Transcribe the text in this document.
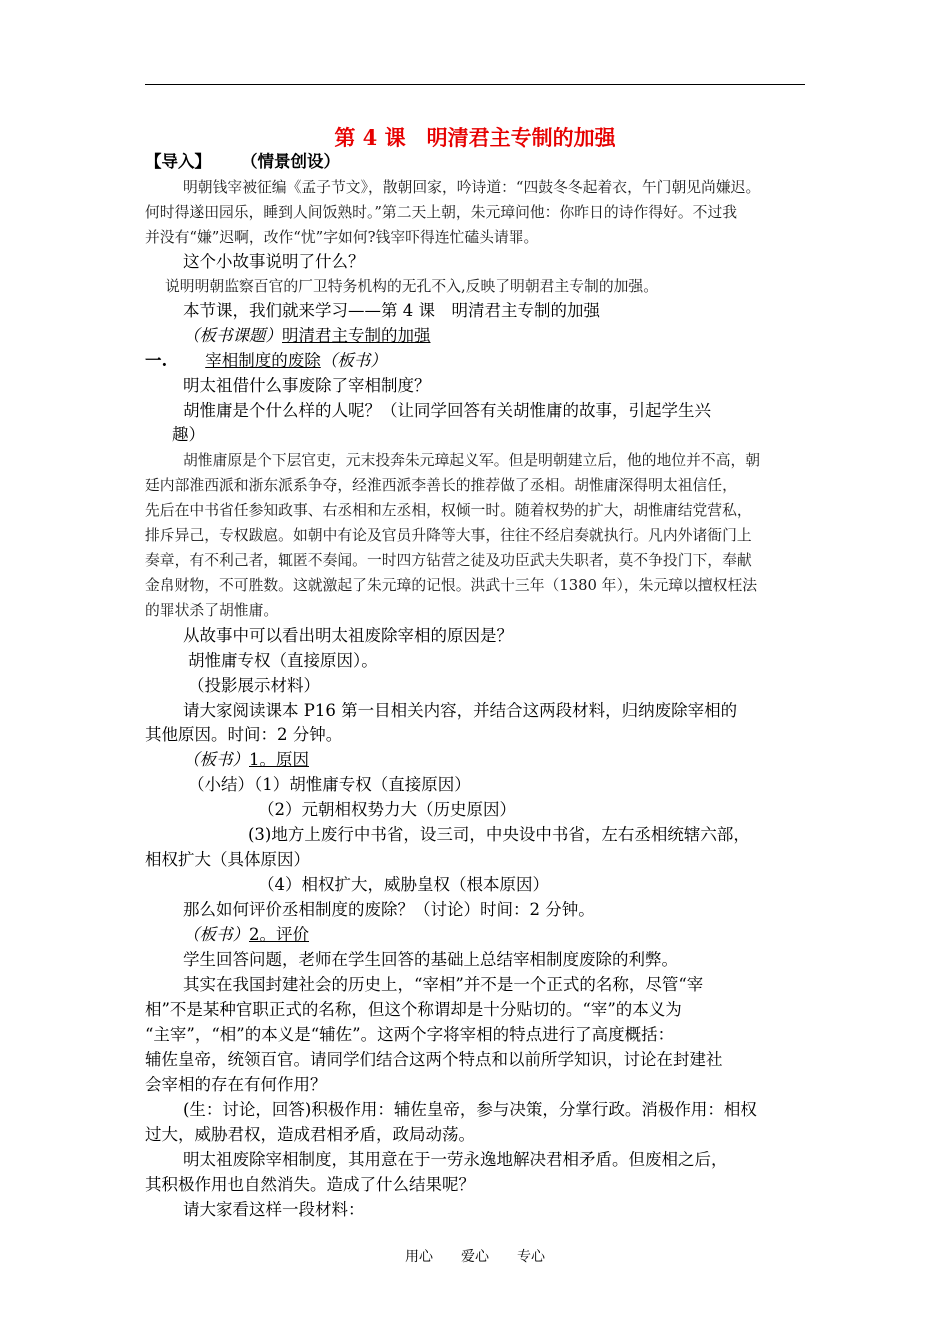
第 4 课　明清君主专制的加强
【导入】 （情景创设）
明朝钱宰被征编《孟子节文》，散朝回家，吟诗道：“四鼓冬冬起着衣，午门朝见尚嫌迟。
何时得遂田园乐，睡到人间饭熟时。”第二天上朝，朱元璋问他：你昨日的诗作得好。不过我
并没有“嫌”迟啊，改作“忧”字如何?钱宰吓得连忙磕头请罪。
这个小故事说明了什么？
说明明朝监察百官的厂卫特务机构的无孔不入,反映了明朝君主专制的加强。
本节课，我们就来学习——第 4 课　明清君主专制的加强
（板书课题）明清君主专制的加强
一. 宰相制度的废除（板书）
明太祖借什么事废除了宰相制度？
胡惟庸是个什么样的人呢？（让同学回答有关胡惟庸的故事，引起学生兴
趣）
胡惟庸原是个下层官吏，元末投奔朱元璋起义军。但是明朝建立后，他的地位并不高，朝
廷内部淮西派和浙东派系争夺，经淮西派李善长的推荐做了丞相。胡惟庸深得明太祖信任，
先后在中书省任参知政事、右丞相和左丞相，权倾一时。随着权势的扩大，胡惟庸结党营私，
排斥异己，专权跋扈。如朝中有论及官员升降等大事，往往不经启奏就执行。凡内外诸衙门上
奏章，有不利己者，辄匿不奏闻。一时四方钻营之徒及功臣武夫失职者，莫不争投门下，奉献
金帛财物，不可胜数。这就激起了朱元璋的记恨。洪武十三年（1380 年），朱元璋以擅权枉法
的罪状杀了胡惟庸。
从故事中可以看出明太祖废除宰相的原因是？
胡惟庸专权（直接原因）。
（投影展示材料）
请大家阅读课本 P16 第一目相关内容，并结合这两段材料，归纳废除宰相的
其他原因。时间：2 分钟。
（板书）1。原因
（小结）（1）胡惟庸专权（直接原因）
（2）元朝相权势力大（历史原因）
(3)地方上废行中书省，设三司，中央设中书省，左右丞相统辖六部，
相权扩大（具体原因）
（4）相权扩大，威胁皇权（根本原因）
那么如何评价丞相制度的废除？（讨论）时间：2 分钟。
（板书）2。评价
学生回答问题，老师在学生回答的基础上总结宰相制度废除的利弊。
其实在我国封建社会的历史上，“宰相”并不是一个正式的名称，尽管“宰
相”不是某种官职正式的名称，但这个称谓却是十分贴切的。“宰”的本义为
“主宰”，“相”的本义是“辅佐”。这两个字将宰相的特点进行了高度概括：
辅佐皇帝，统领百官。请同学们结合这两个特点和以前所学知识，讨论在封建社
会宰相的存在有何作用？
(生：讨论，回答)积极作用：辅佐皇帝，参与决策，分掌行政。消极作用：相权
过大，威胁君权，造成君相矛盾，政局动荡。
明太祖废除宰相制度，其用意在于一劳永逸地解决君相矛盾。但废相之后，
其积极作用也自然消失。造成了什么结果呢？
请大家看这样一段材料：
用心　　爱心　　专心
